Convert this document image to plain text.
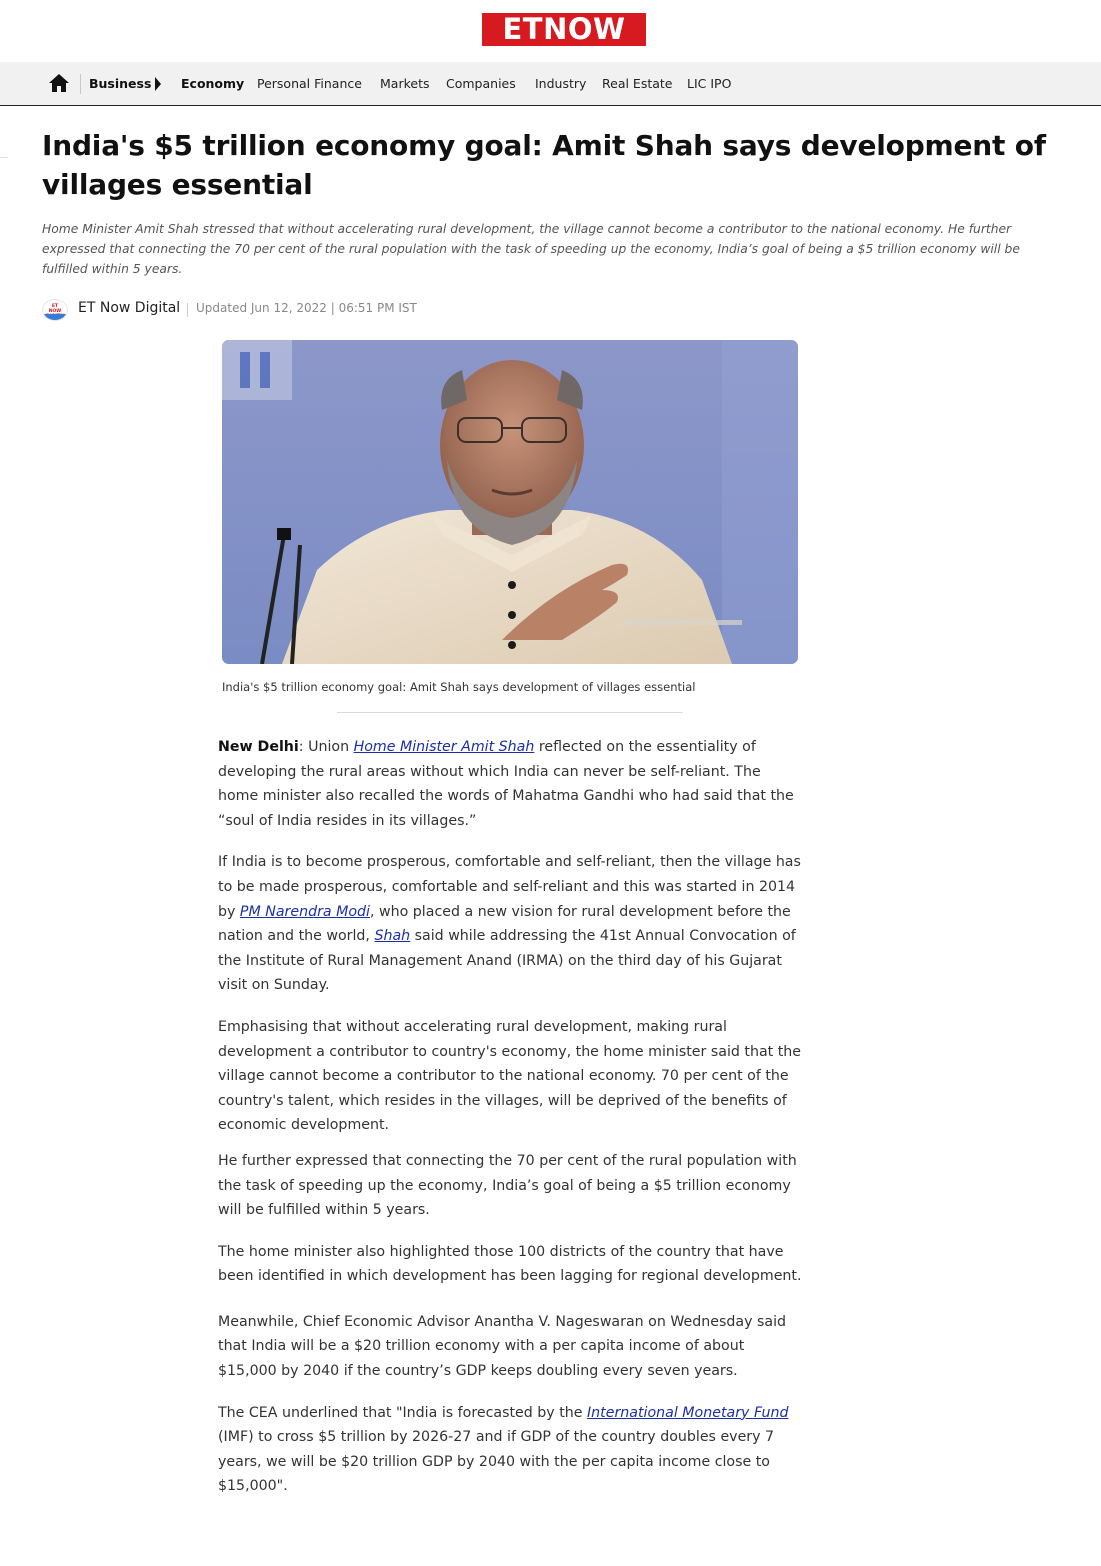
ETNOW
Business	Economy Personal Finance Markets Companies Industry Real Estate LIC IPO
India's $5 trillion economy goal: Amit Shah says development of villages essential

Home Minister Amit Shah stressed that without accelerating rural development, the village cannot become a contributor to the national economy. He further expressed that connecting the 70 per cent of the rural population with the task of speeding up the economy, India’s goal of being a $5 trillion economy will be fulfilled within 5 years.

ET NOW ET Now Digital Updated Jun 12, 2022 | 06:51 PM IST
India's $5 trillion economy goal: Amit Shah says development of villages essential

New Delhi: Union Home Minister Amit Shah reflected on the essentiality of developing the rural areas without which India can never be self-reliant. The home minister also recalled the words of Mahatma Gandhi who had said that the “soul of India resides in its villages.”

If India is to become prosperous, comfortable and self-reliant, then the village has to be made prosperous, comfortable and self-reliant and this was started in 2014 by PM Narendra Modi, who placed a new vision for rural development before the nation and the world, Shah said while addressing the 41st Annual Convocation of the Institute of Rural Management Anand (IRMA) on the third day of his Gujarat visit on Sunday.

Emphasising that without accelerating rural development, making rural development a contributor to country's economy, the home minister said that the village cannot become a contributor to the national economy. 70 per cent of the country's talent, which resides in the villages, will be deprived of the benefits of economic development.

He further expressed that connecting the 70 per cent of the rural population with the task of speeding up the economy, India’s goal of being a $5 trillion economy will be fulfilled within 5 years.

The home minister also highlighted those 100 districts of the country that have been identified in which development has been lagging for regional development.

Meanwhile, Chief Economic Advisor Anantha V. Nageswaran on Wednesday said that India will be a $20 trillion economy with a per capita income of about $15,000 by 2040 if the country’s GDP keeps doubling every seven years.

The CEA underlined that "India is forecasted by the International Monetary Fund (IMF) to cross $5 trillion by 2026-27 and if GDP of the country doubles every 7 years, we will be $20 trillion GDP by 2040 with the per capita income close to $15,000".
